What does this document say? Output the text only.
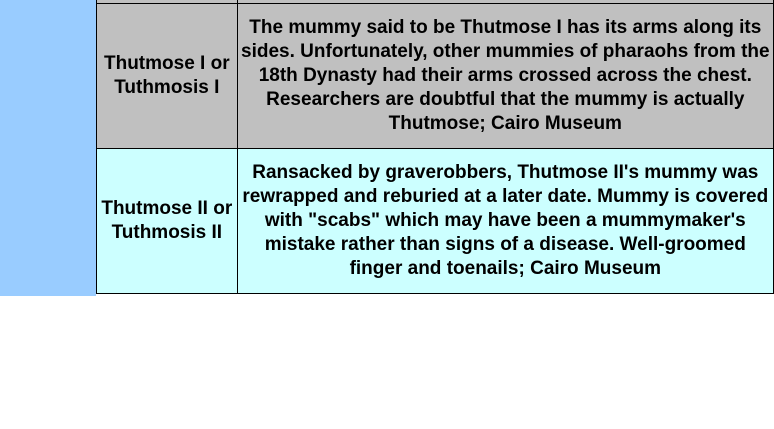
Thutmose I or Tuthmosis I	The mummy said to be Thutmose I has its arms along its sides. Unfortunately, other mummies of pharaohs from the 18th Dynasty had their arms crossed across the chest. Researchers are doubtful that the mummy is actually Thutmose; Cairo Museum
Thutmose II or Tuthmosis II	Ransacked by graverobbers, Thutmose II's mummy was rewrapped and reburied at a later date. Mummy is covered with "scabs" which may have been a mummymaker's mistake rather than signs of a disease. Well-groomed finger and toenails; Cairo Museum
